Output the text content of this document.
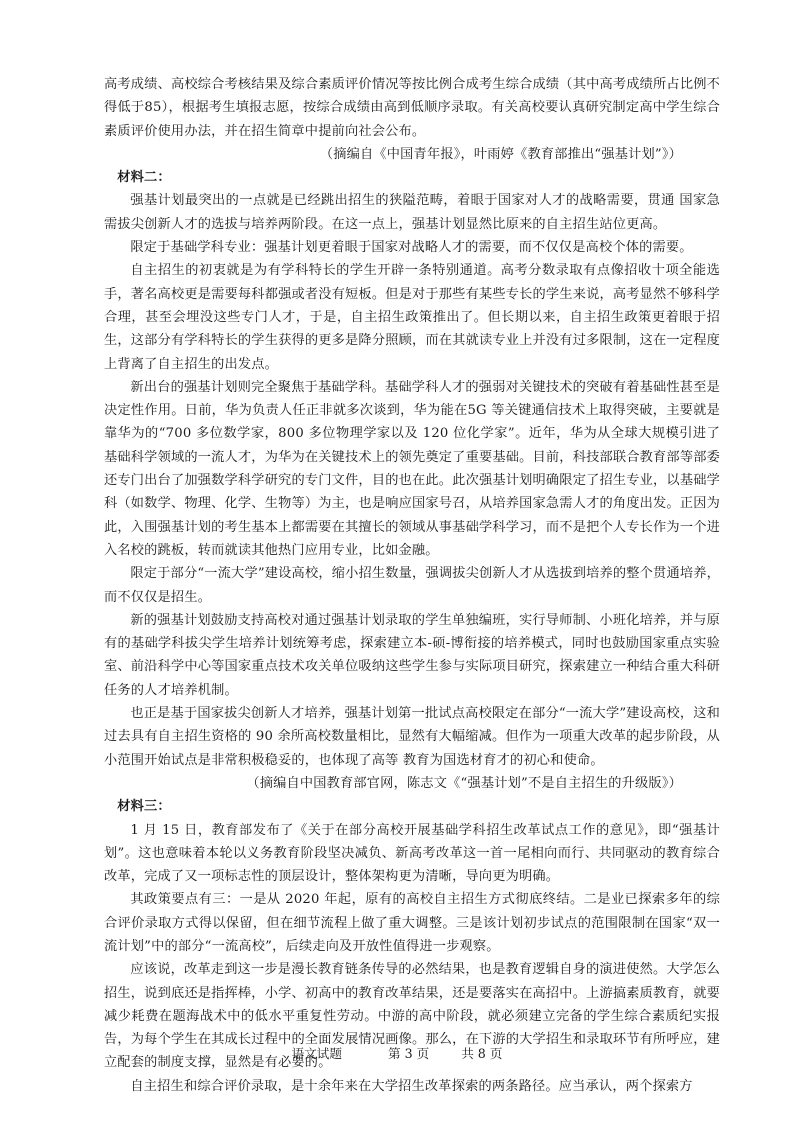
高考成绩、高校综合考核结果及综合素质评价情况等按比例合成考生综合成绩（其中高考成绩所占比例不得低于85），根据考生填报志愿，按综合成绩由高到低顺序录取。有关高校要认真研究制定高中学生综合素质评价使用办法，并在招生简章中提前向社会公布。

（摘编自《中国青年报》，叶雨婷《教育部推出“强基计划”》）

材料二：

强基计划最突出的一点就是已经跳出招生的狭隘范畴，着眼于国家对人才的战略需要，贯通 国家急需拔尖创新人才的选拔与培养两阶段。在这一点上，强基计划显然比原来的自主招生站位更高。

限定于基础学科专业：强基计划更着眼于国家对战略人才的需要，而不仅仅是高校个体的需要。

自主招生的初衷就是为有学科特长的学生开辟一条特别通道。高考分数录取有点像招收十项全能选手，著名高校更是需要每科都强或者没有短板。但是对于那些有某些专长的学生来说，高考显然不够科学合理，甚至会埋没这些专门人才，于是，自主招生政策推出了。但长期以来，自主招生政策更着眼于招生，这部分有学科特长的学生获得的更多是降分照顾，而在其就读专业上并没有过多限制，这在一定程度上背离了自主招生的出发点。

新出台的强基计划则完全聚焦于基础学科。基础学科人才的强弱对关键技术的突破有着基础性甚至是决定性作用。日前，华为负责人任正非就多次谈到，华为能在5G 等关键通信技术上取得突破，主要就是靠华为的“700 多位数学家，800 多位物理学家以及 120 位化学家”。近年，华为从全球大规模引进了基础科学领域的一流人才，为华为在关键技术上的领先奠定了重要基础。目前，科技部联合教育部等部委还专门出台了加强数学科学研究的专门文件，目的也在此。此次强基计划明确限定了招生专业，以基础学科（如数学、物理、化学、生物等）为主，也是响应国家号召，从培养国家急需人才的角度出发。正因为此，入围强基计划的考生基本上都需要在其擅长的领域从事基础学科学习，而不是把个人专长作为一个进入名校的跳板，转而就读其他热门应用专业，比如金融。

限定于部分“一流大学”建设高校，缩小招生数量，强调拔尖创新人才从选拔到培养的整个贯通培养，而不仅仅是招生。

新的强基计划鼓励支持高校对通过强基计划录取的学生单独编班，实行导师制、小班化培养，并与原有的基础学科拔尖学生培养计划统筹考虑，探索建立本-硕-博衔接的培养模式，同时也鼓励国家重点实验室、前沿科学中心等国家重点技术攻关单位吸纳这些学生参与实际项目研究，探索建立一种结合重大科研任务的人才培养机制。

也正是基于国家拔尖创新人才培养，强基计划第一批试点高校限定在部分“一流大学”建设高校，这和过去具有自主招生资格的 90 余所高校数量相比，显然有大幅缩减。但作为一项重大改革的起步阶段，从小范围开始试点是非常积极稳妥的，也体现了高等 教育为国选材育才的初心和使命。

（摘编自中国教育部官网，陈志文《“强基计划”不是自主招生的升级版》）

材料三：

1 月 15 日，教育部发布了《关于在部分高校开展基础学科招生改革试点工作的意见》，即“强基计划”。这也意味着本轮以义务教育阶段坚决减负、新高考改革这一首一尾相向而行、共同驱动的教育综合改革，完成了又一项标志性的顶层设计，整体架构更为清晰，导向更为明确。

其政策要点有三：一是从 2020 年起，原有的高校自主招生方式彻底终结。二是业已探索多年的综合评价录取方式得以保留，但在细节流程上做了重大调整。三是该计划初步试点的范围限制在国家“双一流计划”中的部分“一流高校”，后续走向及开放性值得进一步观察。

应该说，改革走到这一步是漫长教育链条传导的必然结果，也是教育逻辑自身的演进使然。大学怎么招生，说到底还是指挥棒，小学、初高中的教育改革结果，还是要落实在高招中。上游搞素质教育，就要减少耗费在题海战术中的低水平重复性劳动。中游的高中阶段，就必须建立完备的学生综合素质纪实报告，为每个学生在其成长过程中的全面发展情况画像。那么，在下游的大学招生和录取环节有所呼应，建立配套的制度支撑，显然是有必要的。

自主招生和综合评价录取，是十余年来在大学招生改革探索的两条路径。应当承认，两个探索方

语文试题	第 3 页	共 8 页
